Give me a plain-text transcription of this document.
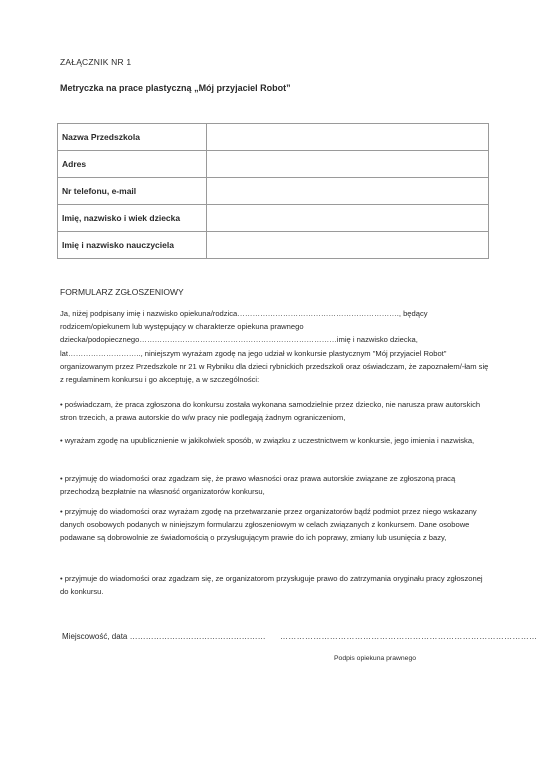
ZAŁĄCZNIK NR 1
Metryczka na prace plastyczną „Mój przyjaciel Robot”
Nazwa Przedszkola	
Adres	
Nr telefonu, e-mail	
Imię, nazwisko i wiek dziecka	
Imię i nazwisko nauczyciela	
FORMULARZ ZGŁOSZENIOWY

Ja, niżej podpisany imię i nazwisko opiekuna/rodzica………………………………………………………., będący rodzicem/opiekunem lub występujący w charakterze opiekuna prawnego dziecka/podopiecznego……………………………………………………………………imię i nazwisko dziecka, lat……………………….., niniejszym wyrażam zgodę na jego udział w konkursie plastycznym "Mój przyjaciel Robot" organizowanym przez Przedszkole nr 21 w Rybniku dla dzieci rybnickich przedszkoli oraz oświadczam, że zapoznałem/-łam się z regulaminem konkursu i go akceptuję, a w szczególności:

• poświadczam, że praca zgłoszona do konkursu została wykonana samodzielnie przez dziecko, nie narusza praw autorskich stron trzecich, a prawa autorskie do w/w pracy nie podlegają żadnym ograniczeniom,

• wyrażam zgodę na upublicznienie w jakikolwiek sposób, w związku z uczestnictwem w konkursie, jego imienia i nazwiska,

• przyjmuję do wiadomości oraz zgadzam się, że prawo własności oraz prawa autorskie związane ze zgłoszoną pracą przechodzą bezpłatnie na własność organizatorów konkursu,

• przyjmuję do wiadomości oraz wyrażam zgodę na przetwarzanie przez organizatorów bądź podmiot przez niego wskazany danych osobowych podanych w niniejszym formularzu zgłoszeniowym w celach związanych z konkursem. Dane osobowe podawane są dobrowolnie ze świadomością o przysługującym prawie do ich poprawy, zmiany lub usunięcia z bazy,

• przyjmuje do wiadomości oraz zgadzam się, ze organizatorom przysługuje prawo do zatrzymania oryginału pracy zgłoszonej do konkursu.

Miejscowość, data …………………………………………… …………………………………………………………………………………
Podpis opiekuna prawnego
